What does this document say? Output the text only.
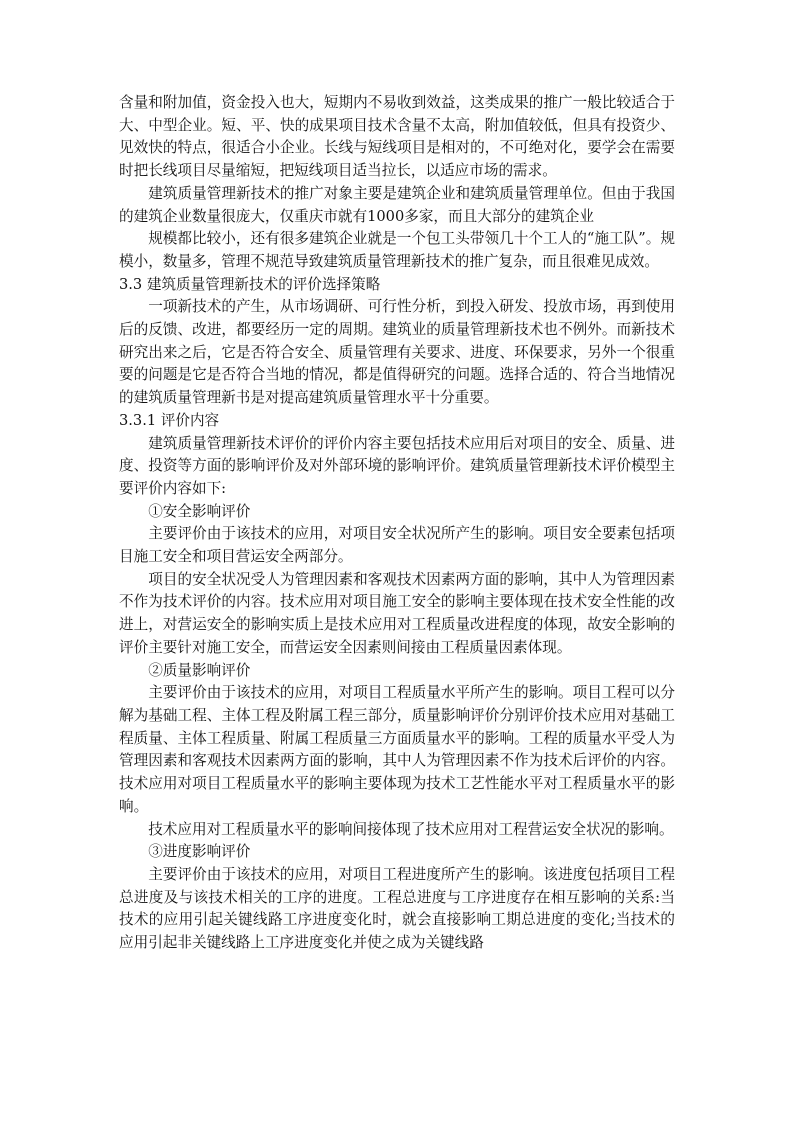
含量和附加值，资金投入也大，短期内不易收到效益，这类成果的推广一般比较适合于大、中型企业。短、平、快的成果项目技术含量不太高，附加值较低，但具有投资少、见效快的特点，很适合小企业。长线与短线项目是相对的，不可绝对化，要学会在需要时把长线项目尽量缩短，把短线项目适当拉长，以适应市场的需求。

建筑质量管理新技术的推广对象主要是建筑企业和建筑质量管理单位。但由于我国的建筑企业数量很庞大，仅重庆市就有1000多家，而且大部分的建筑企业

规模都比较小，还有很多建筑企业就是一个包工头带领几十个工人的“施工队”。规模小，数量多，管理不规范导致建筑质量管理新技术的推广复杂，而且很难见成效。

3.3 建筑质量管理新技术的评价选择策略

一项新技术的产生，从市场调研、可行性分析，到投入研发、投放市场，再到使用后的反馈、改进，都要经历一定的周期。建筑业的质量管理新技术也不例外。而新技术研究出来之后，它是否符合安全、质量管理有关要求、进度、环保要求，另外一个很重要的问题是它是否符合当地的情况，都是值得研究的问题。选择合适的、符合当地情况的建筑质量管理新书是对提高建筑质量管理水平十分重要。

3.3.1 评价内容

建筑质量管理新技术评价的评价内容主要包括技术应用后对项目的安全、质量、进度、投资等方面的影响评价及对外部环境的影响评价。建筑质量管理新技术评价模型主要评价内容如下:

①安全影响评价

主要评价由于该技术的应用，对项目安全状况所产生的影响。项目安全要素包括项目施工安全和项目营运安全两部分。

项目的安全状况受人为管理因素和客观技术因素两方面的影响，其中人为管理因素不作为技术评价的内容。技术应用对项目施工安全的影响主要体现在技术安全性能的改进上，对营运安全的影响实质上是技术应用对工程质量改进程度的体现，故安全影响的评价主要针对施工安全，而营运安全因素则间接由工程质量因素体现。

②质量影响评价

主要评价由于该技术的应用，对项目工程质量水平所产生的影响。项目工程可以分解为基础工程、主体工程及附属工程三部分，质量影响评价分别评价技术应用对基础工程质量、主体工程质量、附属工程质量三方面质量水平的影响。工程的质量水平受人为管理因素和客观技术因素两方面的影响，其中人为管理因素不作为技术后评价的内容。技术应用对项目工程质量水平的影响主要体现为技术工艺性能水平对工程质量水平的影响。

技术应用对工程质量水平的影响间接体现了技术应用对工程营运安全状况的影响。

③进度影响评价

主要评价由于该技术的应用，对项目工程进度所产生的影响。该进度包括项目工程总进度及与该技术相关的工序的进度。工程总进度与工序进度存在相互影响的关系:当技术的应用引起关键线路工序进度变化时，就会直接影响工期总进度的变化;当技术的应用引起非关键线路上工序进度变化并使之成为关键线路
